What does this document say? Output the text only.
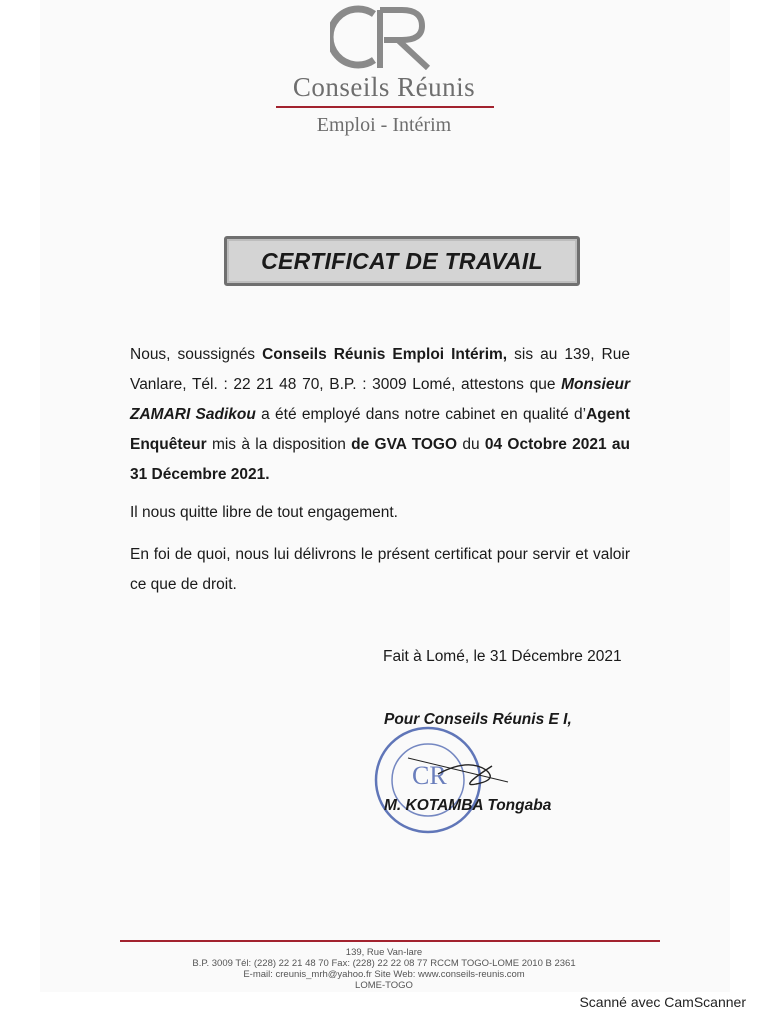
Conseils Réunis
Emploi - Intérim
CERTIFICAT DE TRAVAIL
Nous, soussignés Conseils Réunis Emploi Intérim, sis au 139, Rue Vanlare, Tél. : 22 21 48 70, B.P. : 3009 Lomé, attestons que Monsieur ZAMARI Sadikou a été employé dans notre cabinet en qualité d’Agent Enquêteur mis à la disposition de GVA TOGO du 04 Octobre 2021 au 31 Décembre 2021.
Il nous quitte libre de tout engagement.
En foi de quoi, nous lui délivrons le présent certificat pour servir et valoir ce que de droit.
Fait à Lomé, le 31 Décembre 2021
CR
Pour Conseils Réunis E I,
M. KOTAMBA Tongaba
139, Rue Van-lare
B.P. 3009 Tél: (228) 22 21 48 70 Fax: (228) 22 22 08 77 RCCM TOGO-LOME 2010 B 2361
E-mail: creunis_mrh@yahoo.fr Site Web: www.conseils-reunis.com
LOME-TOGO
Scanné avec CamScanner
